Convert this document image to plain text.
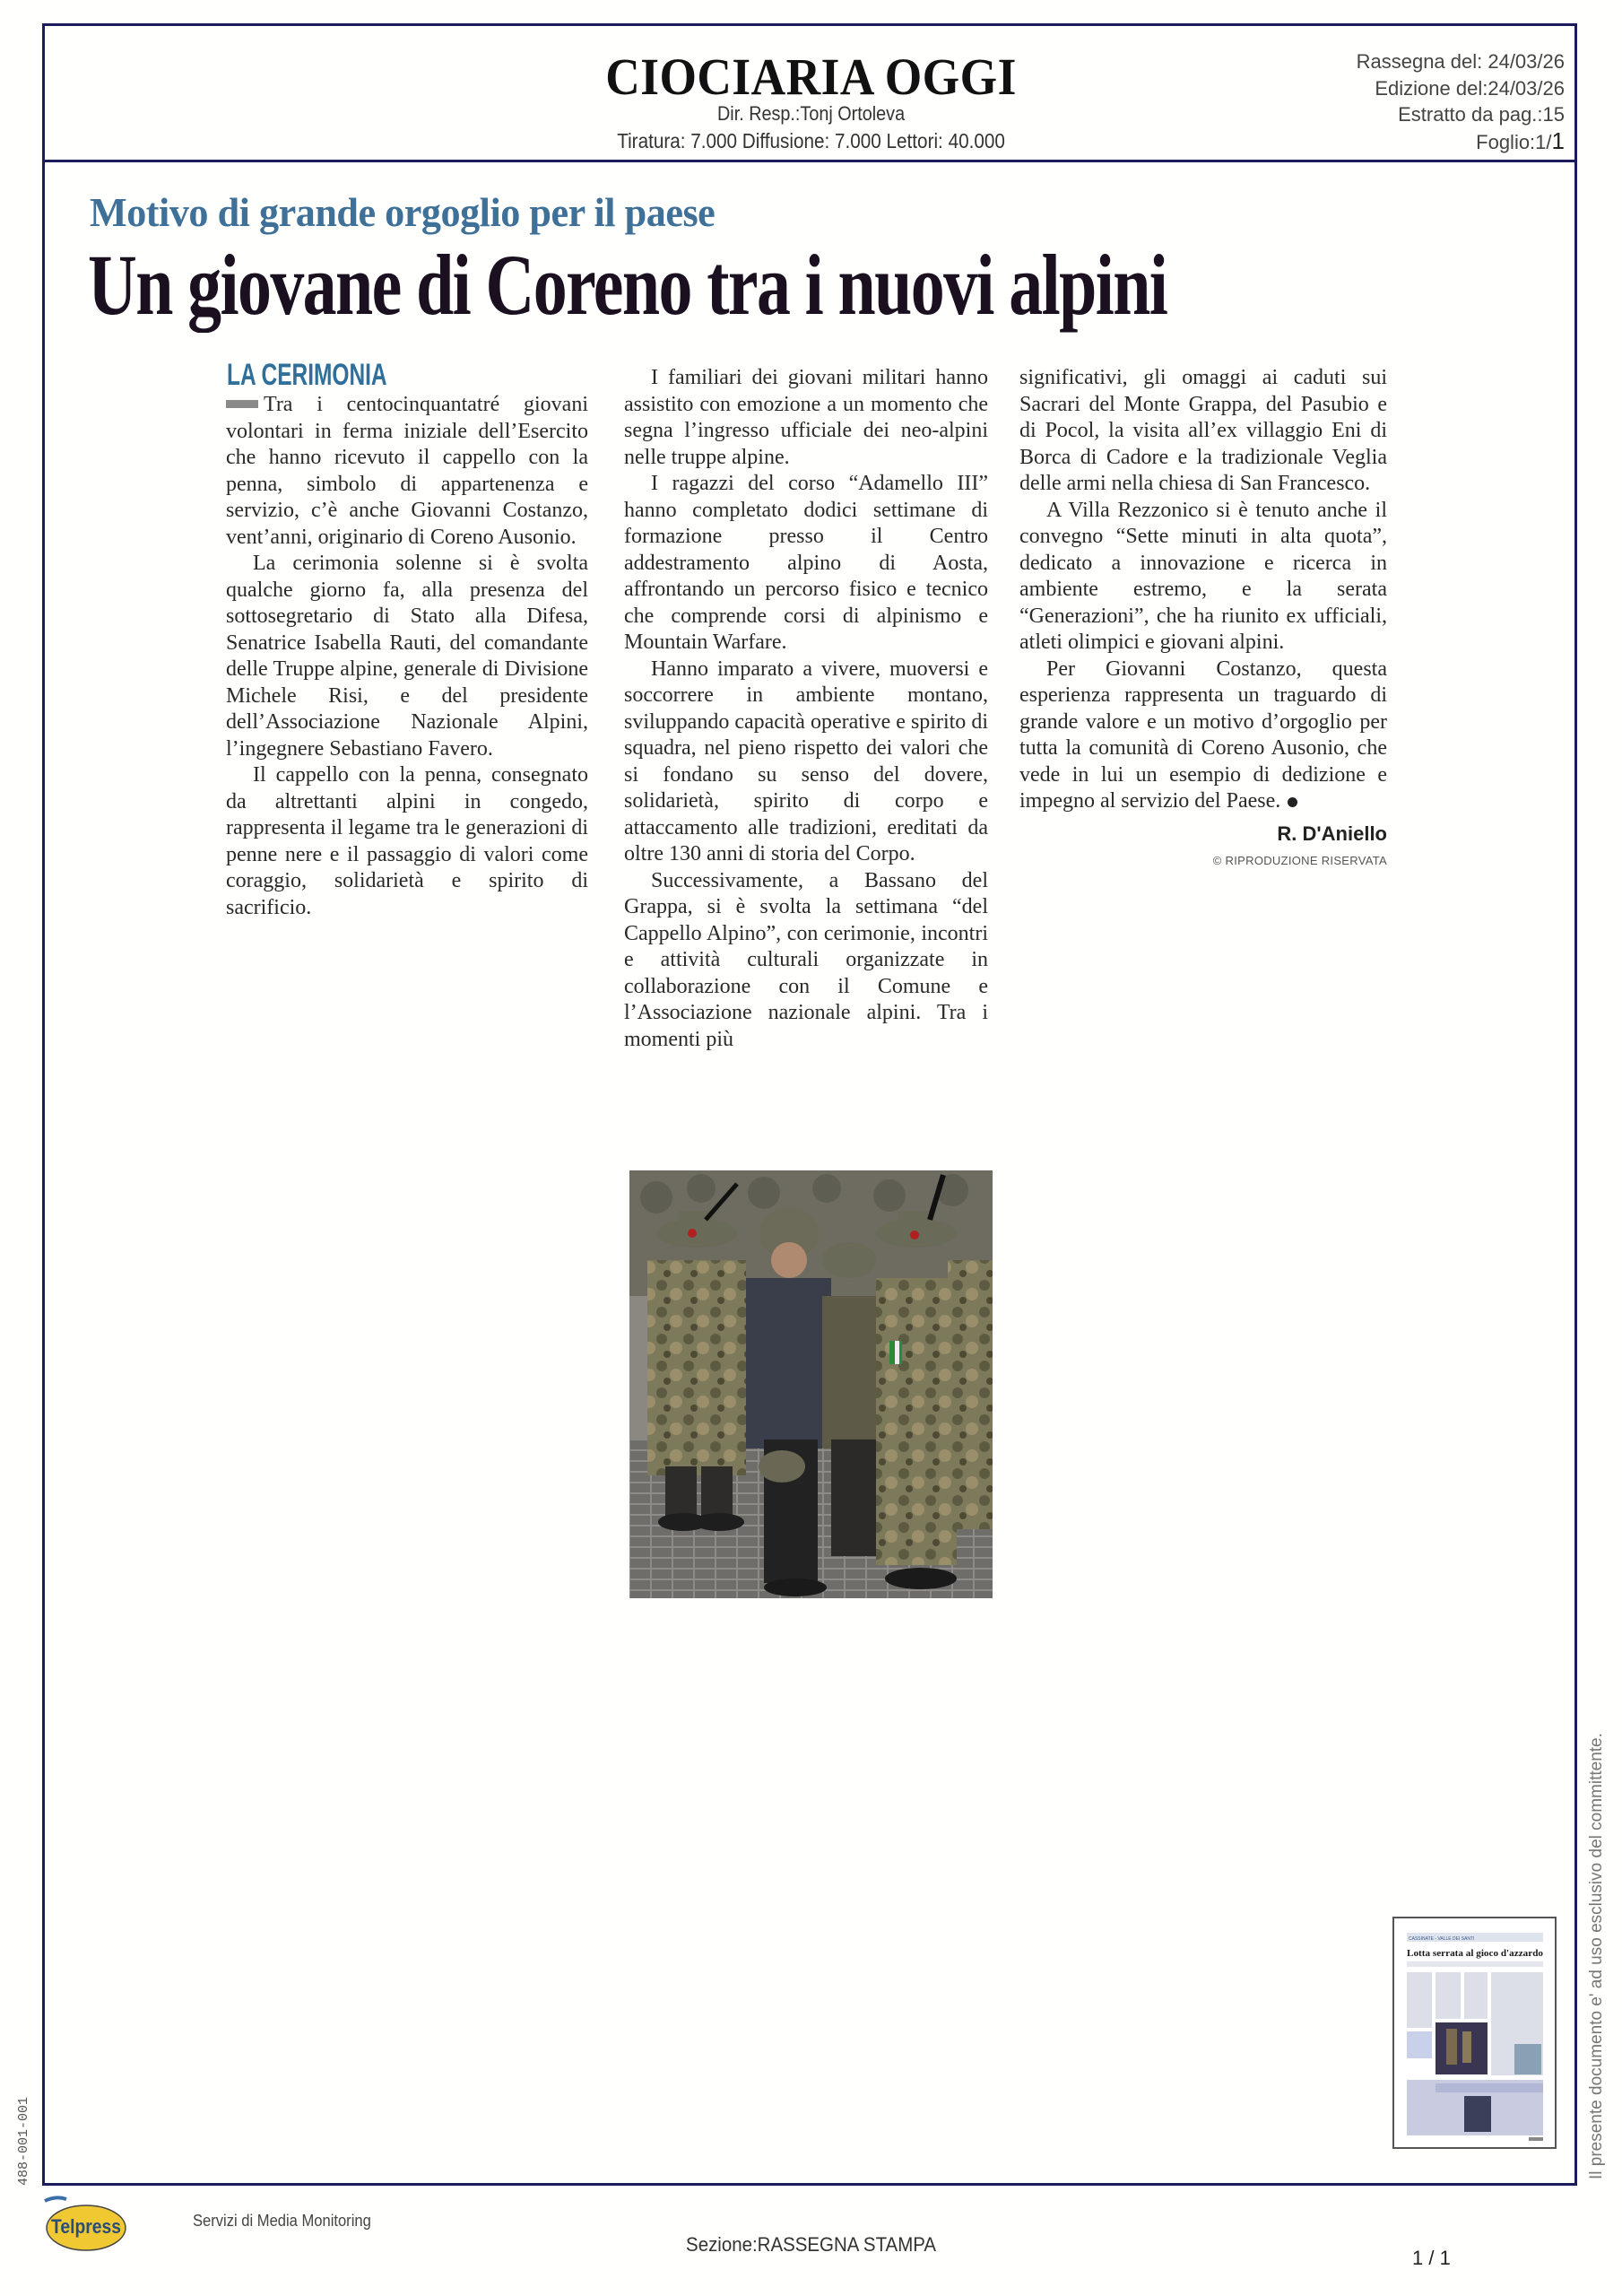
CIOCIARIA OGGI
Dir. Resp.:Tonj Ortoleva
Tiratura: 7.000 Diffusione: 7.000 Lettori: 40.000
Rassegna del: 24/03/26
Edizione del:24/03/26
Estratto da pag.:15
Foglio:1/1
Motivo di grande orgoglio per il paese
Un giovane di Coreno tra i nuovi alpini
LA CERIMONIA

Tra i centocinquantatré giovani volontari in ferma iniziale dell’Esercito che hanno ricevuto il cappello con la penna, simbolo di appartenenza e servizio, c’è anche Giovanni Costanzo, vent’anni, originario di Coreno Ausonio.

La cerimonia solenne si è svolta qualche giorno fa, alla presenza del sottosegretario di Stato alla Difesa, Senatrice Isabella Rauti, del comandante delle Truppe alpine, generale di Divisione Michele Risi, e del presidente dell’Associazione Nazionale Alpini, l’ingegnere Sebastiano Favero.

Il cappello con la penna, consegnato da altrettanti alpini in congedo, rappresenta il legame tra le generazioni di penne nere e il passaggio di valori come coraggio, solidarietà e spirito di sacrificio.

I familiari dei giovani militari hanno assistito con emozione a un momento che segna l’ingresso ufficiale dei neo-alpini nelle truppe alpine.

I ragazzi del corso “Adamello III” hanno completato dodici settimane di formazione presso il Centro addestramento alpino di Aosta, affrontando un percorso fisico e tecnico che comprende corsi di alpinismo e Mountain Warfare.

Hanno imparato a vivere, muoversi e soccorrere in ambiente montano, sviluppando capacità operative e spirito di squadra, nel pieno rispetto dei valori che si fondano su senso del dovere, solidarietà, spirito di corpo e attaccamento alle tradizioni, ereditati da oltre 130 anni di storia del Corpo.

Successivamente, a Bassano del Grappa, si è svolta la settimana “del Cappello Alpino”, con cerimonie, incontri e attività culturali organizzate in collaborazione con il Comune e l’Associazione nazionale alpini. Tra i momenti più

significativi, gli omaggi ai caduti sui Sacrari del Monte Grappa, del Pasubio e di Pocol, la visita all’ex villaggio Eni di Borca di Cadore e la tradizionale Veglia delle armi nella chiesa di San Francesco.

A Villa Rezzonico si è tenuto anche il convegno “Sette minuti in alta quota”, dedicato a innovazione e ricerca in ambiente estremo, e la serata “Generazioni”, che ha riunito ex ufficiali, atleti olimpici e giovani alpini.

Per Giovanni Costanzo, questa esperienza rappresenta un traguardo di grande valore e un motivo d’orgoglio per tutta la comunità di Coreno Ausonio, che vede in lui un esempio di dedizione e impegno al servizio del Paese.

R. D'Aniello
© RIPRODUZIONE RISERVATA
CASSINATE - VALLE DEI SANTI
Lotta serrata al gioco d'azzardo
488-001-001	Il presente documento e' ad uso esclusivo del committente.
Telpress	Servizi di Media Monitoring
Sezione:RASSEGNA STAMPA
1 / 1
